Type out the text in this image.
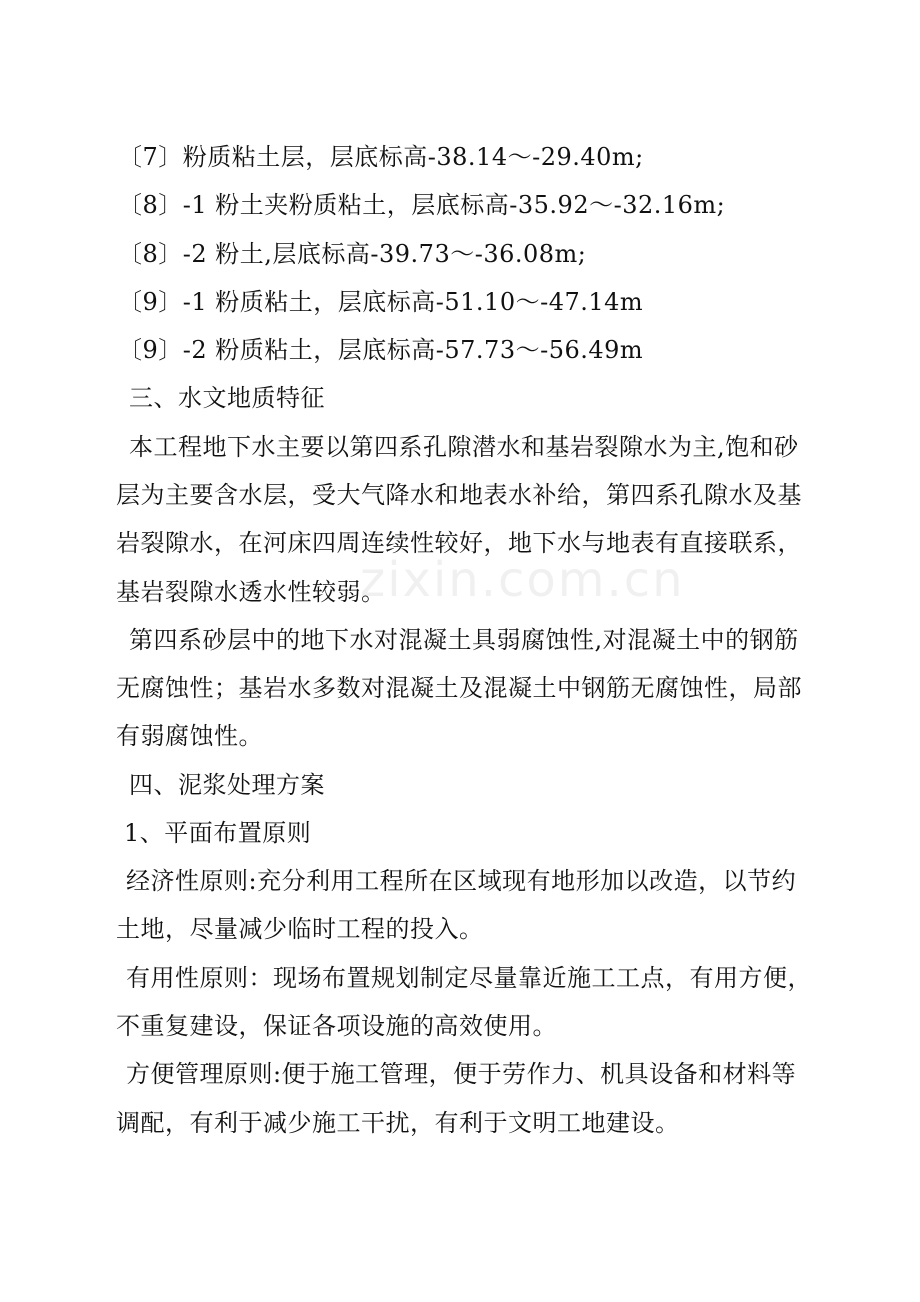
zixin.com.cn
〔7〕粉质粘土层，层底标高-38.14～-29.40m;
〔8〕-1 粉土夹粉质粘土，层底标高-35.92～-32.16m;
〔8〕-2 粉土,层底标高-39.73～-36.08m;
〔9〕-1 粉质粘土，层底标高-51.10～-47.14m
〔9〕-2 粉质粘土，层底标高-57.73～-56.49m
三、水文地质特征
本工程地下水主要以第四系孔隙潜水和基岩裂隙水为主,饱和砂
层为主要含水层，受大气降水和地表水补给，第四系孔隙水及基
岩裂隙水，在河床四周连续性较好，地下水与地表有直接联系，
基岩裂隙水透水性较弱。
第四系砂层中的地下水对混凝土具弱腐蚀性,对混凝土中的钢筋
无腐蚀性；基岩水多数对混凝土及混凝土中钢筋无腐蚀性，局部
有弱腐蚀性。
四、泥浆处理方案
1、平面布置原则
经济性原则:充分利用工程所在区域现有地形加以改造，以节约
土地，尽量减少临时工程的投入。
有用性原则：现场布置规划制定尽量靠近施工工点，有用方便，
不重复建设，保证各项设施的高效使用。
方便管理原则:便于施工管理，便于劳作力、机具设备和材料等
调配，有利于减少施工干扰，有利于文明工地建设。
